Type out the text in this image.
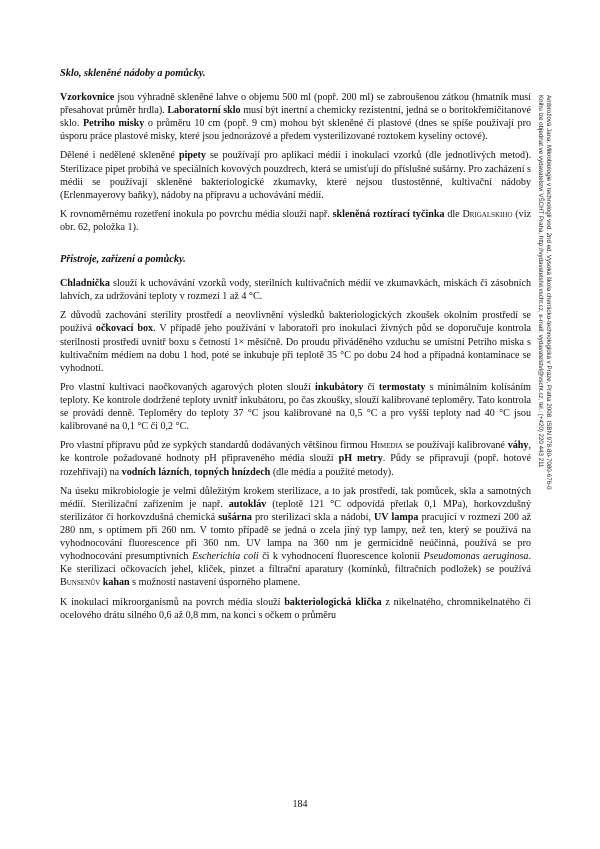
Sklo, skleněné nádoby a pomůcky.

Vzorkovnice jsou výhradně skleněné lahve o objemu 500 ml (popř. 200 ml) se zabroušenou zátkou (hmatník musí přesahovat průměr hrdla). Laboratorní sklo musí být inertní a chemicky rezistentní, jedná se o boritokřemičitanové sklo. Petriho misky o průměru 10 cm (popř. 9 cm) mohou být skleněné či plastové (dnes se spíše používají pro úsporu práce plastové misky, které jsou jednorázové a předem vysterilizované roztokem kyseliny octové).

Dělené i nedělené skleněné pipety se používají pro aplikaci médií i inokulaci vzorků (dle jednotlivých metod). Sterilizace pipet probíhá ve speciálních kovových pouzdrech, která se umisťují do příslušné sušárny. Pro zacházení s médii se používají skleněné bakteriologické zkumavky, které nejsou tlustostěnné, kultivační nádoby (Erlenmayerovy baňky), nádoby na přípravu a uchovávání médií.

K rovnoměrnému rozetření inokula po povrchu média slouží např. skleněná roztírací tyčinka dle Drigalskiho (viz obr. 62, položka 1).

Přístroje, zařízení a pomůcky.

Chladnička slouží k uchovávání vzorků vody, sterilních kultivačních médií ve zkumavkách, miskách či zásobních lahvích, za udržování teploty v rozmezí 1 až 4 °C.

Z důvodů zachování sterility prostředí a neovlivnění výsledků bakteriologických zkoušek okolním prostředí se používá očkovací box. V případě jeho používání v laboratoři pro inokulaci živných půd se doporučuje kontrola sterilnosti prostředí uvnitř boxu s četností 1× měsíčně. Do proudu přiváděného vzduchu se umístní Petriho miska s kultivačním médiem na dobu 1 hod, poté se inkubuje při teplotě 35 °C po dobu 24 hod a případná kontaminace se vyhodnotí.

Pro vlastní kultivaci naočkovaných agarových ploten slouží inkubátory či termostaty s minimálním kolísáním teploty. Ke kontrole dodržené teploty uvnitř inkubátoru, po čas zkoušky, slouží kalibrované teploměry. Tato kontrola se provádí denně. Teploměry do teploty 37 °C jsou kalibrované na 0,5 °C a pro vyšší teploty nad 40 °C jsou kalibrované na 0,1 °C či 0,2 °C.

Pro vlastní přípravu půd ze sypkých standardů dodávaných většinou firmou Himedia se používají kalibrované váhy, ke kontrole požadované hodnoty pH připraveného média slouží pH metry. Půdy se připravují (popř. hotové rozehřívají) na vodních lázních, topných hnízdech (dle média a použité metody).

Na úseku mikrobiologie je velmi důležitým krokem sterilizace, a to jak prostředí, tak pomůcek, skla a samotných médií. Sterilizační zařízením je např. autokláv (teplotě 121 °C odpovídá přetlak 0,1 MPa), horkovzdušný sterilizátor či horkovzdušná chemická sušárna pro sterilizaci skla a nádobí, UV lampa pracující v rozmezí 200 až 280 nm, s optimem při 260 nm. V tomto případě se jedná o zcela jiný typ lampy, než ten, který se používá na vyhodnocování fluorescence při 360 nm. UV lampa na 360 nm je germicidně neúčinná, používá se pro vyhodnocování presumptivních Escherichia coli či k vyhodnocení fluorescence kolonií Pseudomonas aeruginosa. Ke sterilizaci očkovacích jehel, kliček, pinzet a filtrační aparatury (komínků, filtračních podložek) se používá Bunsenův kahan s možností nastavení úsporného plamene.

K inokulaci mikroorganismů na povrch média slouží bakteriologická klička z nikelnatého, chromnikelnatého či ocelového drátu silného 0,6 až 0,8 mm, na konci s očkem o průměru

Ambrožová Jana: Mikrobiologie v technologii vod. 2nd ed. Vysoká škola chemicko-technologická v Praze, Praha 2008. ISBN 978-80-7080-676-0
Knihu lze objednat ve vydavatelství VŠCHT Praha, http://vydavatelstvi.vscht.cz, e-mail: vydavatelstvi@vscht.cz, tel.: (+420) 220 443 211
184
